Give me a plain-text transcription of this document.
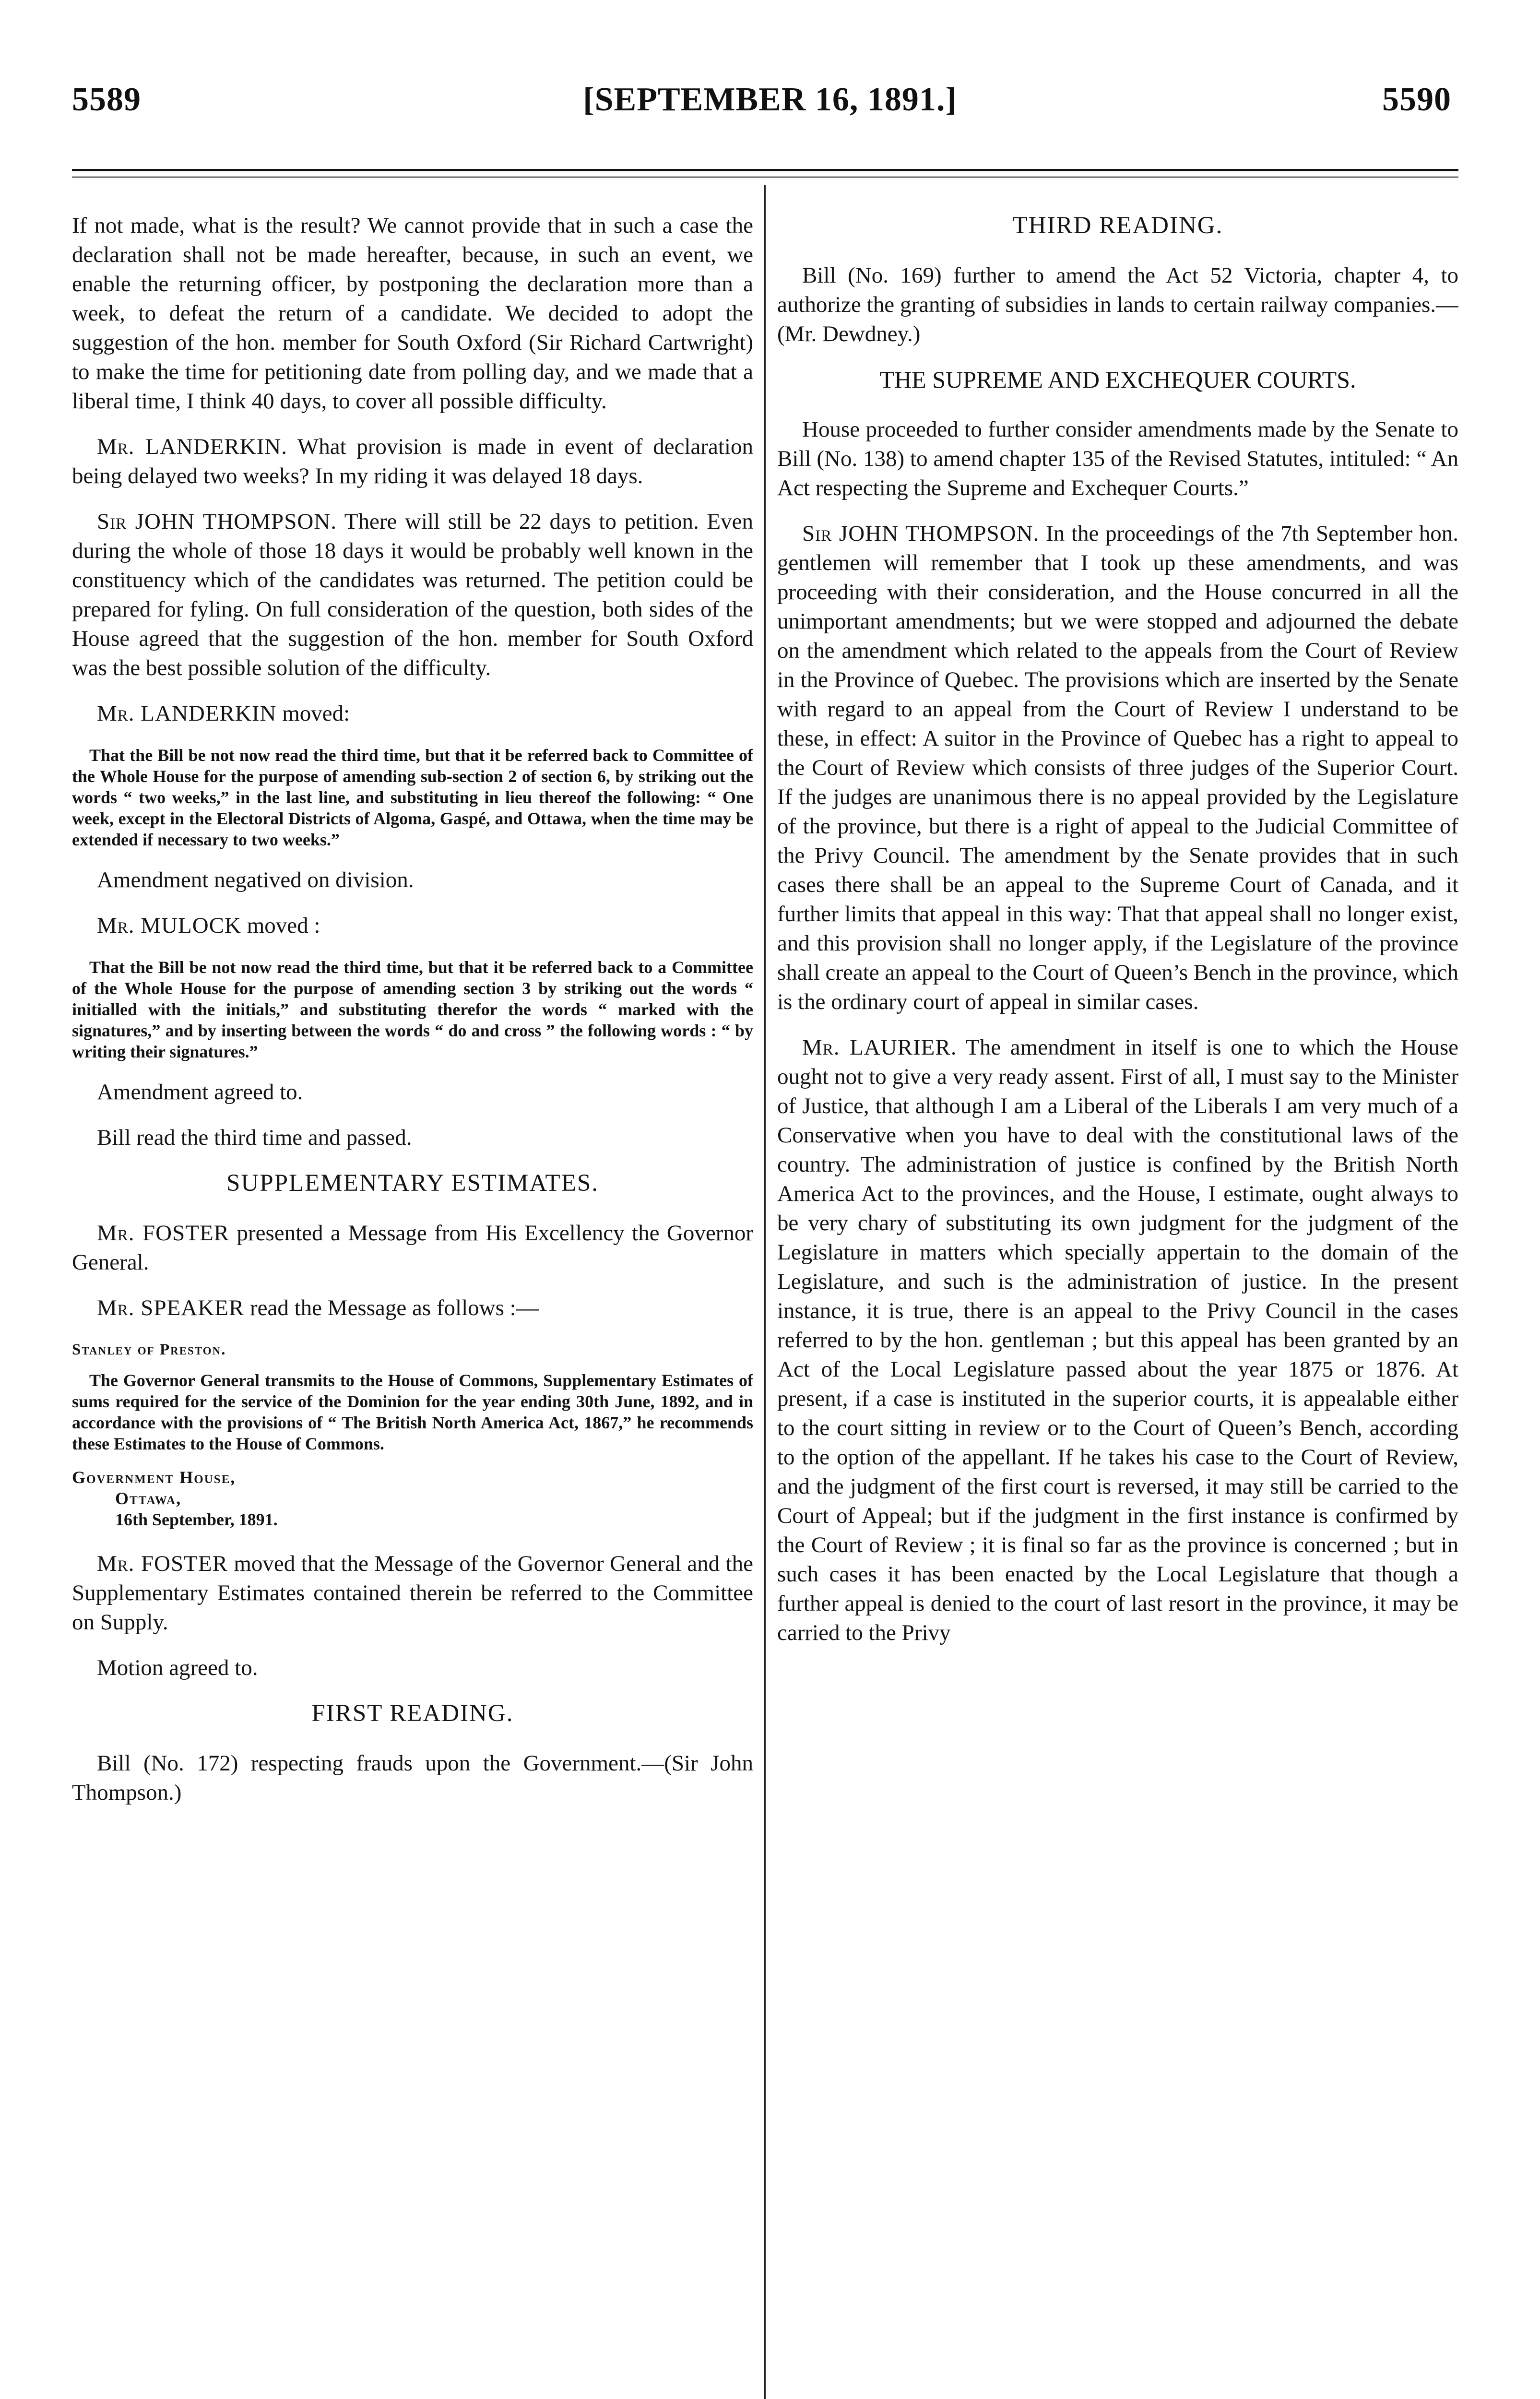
5589	[SEPTEMBER 16, 1891.]	5590

If not made, what is the result? We cannot provide that in such a case the declaration shall not be made hereafter, because, in such an event, we enable the returning officer, by postponing the declaration more than a week, to defeat the return of a candidate. We decided to adopt the suggestion of the hon. member for South Oxford (Sir Richard Cartwright) to make the time for petitioning date from polling day, and we made that a liberal time, I think 40 days, to cover all possible difficulty.

Mr. LANDERKIN. What provision is made in event of declaration being delayed two weeks? In my riding it was delayed 18 days.

Sir JOHN THOMPSON. There will still be 22 days to petition. Even during the whole of those 18 days it would be probably well known in the constituency which of the candidates was returned. The petition could be prepared for fyling. On full consideration of the question, both sides of the House agreed that the suggestion of the hon. member for South Oxford was the best possible solution of the difficulty.

Mr. LANDERKIN moved:

That the Bill be not now read the third time, but that it be referred back to Committee of the Whole House for the purpose of amending sub-section 2 of section 6, by striking out the words “ two weeks,” in the last line, and substituting in lieu thereof the following: “ One week, except in the Electoral Districts of Algoma, Gaspé, and Ottawa, when the time may be extended if necessary to two weeks.”

Amendment negatived on division.

Mr. MULOCK moved :

That the Bill be not now read the third time, but that it be referred back to a Committee of the Whole House for the purpose of amending section 3 by striking out the words “ initialled with the initials,” and substituting therefor the words “ marked with the signatures,” and by inserting between the words “ do and cross ” the following words : “ by writing their signatures.”

Amendment agreed to.

Bill read the third time and passed.

SUPPLEMENTARY ESTIMATES.

Mr. FOSTER presented a Message from His Excellency the Governor General.

Mr. SPEAKER read the Message as follows :—

Stanley of Preston.

The Governor General transmits to the House of Commons, Supplementary Estimates of sums required for the service of the Dominion for the year ending 30th June, 1892, and in accordance with the provisions of “ The British North America Act, 1867,” he recommends these Estimates to the House of Commons.

Government House,
Ottawa,
16th September, 1891.

Mr. FOSTER moved that the Message of the Governor General and the Supplementary Estimates contained therein be referred to the Committee on Supply.

Motion agreed to.

FIRST READING.

Bill (No. 172) respecting frauds upon the Government.—(Sir John Thompson.)

THIRD READING.

Bill (No. 169) further to amend the Act 52 Victoria, chapter 4, to authorize the granting of subsidies in lands to certain railway companies.—(Mr. Dewdney.)

THE SUPREME AND EXCHEQUER COURTS.

House proceeded to further consider amendments made by the Senate to Bill (No. 138) to amend chapter 135 of the Revised Statutes, intituled: “ An Act respecting the Supreme and Exchequer Courts.”

Sir JOHN THOMPSON. In the proceedings of the 7th September hon. gentlemen will remember that I took up these amendments, and was proceeding with their consideration, and the House concurred in all the unimportant amendments; but we were stopped and adjourned the debate on the amendment which related to the appeals from the Court of Review in the Province of Quebec. The provisions which are inserted by the Senate with regard to an appeal from the Court of Review I understand to be these, in effect: A suitor in the Province of Quebec has a right to appeal to the Court of Review which consists of three judges of the Superior Court. If the judges are unanimous there is no appeal provided by the Legislature of the province, but there is a right of appeal to the Judicial Committee of the Privy Council. The amendment by the Senate provides that in such cases there shall be an appeal to the Supreme Court of Canada, and it further limits that appeal in this way: That that appeal shall no longer exist, and this provision shall no longer apply, if the Legislature of the province shall create an appeal to the Court of Queen’s Bench in the province, which is the ordinary court of appeal in similar cases.

Mr. LAURIER. The amendment in itself is one to which the House ought not to give a very ready assent. First of all, I must say to the Minister of Justice, that although I am a Liberal of the Liberals I am very much of a Conservative when you have to deal with the constitutional laws of the country. The administration of justice is confined by the British North America Act to the provinces, and the House, I estimate, ought always to be very chary of substituting its own judgment for the judgment of the Legislature in matters which specially appertain to the domain of the Legislature, and such is the administration of justice. In the present instance, it is true, there is an appeal to the Privy Council in the cases referred to by the hon. gentleman ; but this appeal has been granted by an Act of the Local Legislature passed about the year 1875 or 1876. At present, if a case is instituted in the superior courts, it is appealable either to the court sitting in review or to the Court of Queen’s Bench, according to the option of the appellant. If he takes his case to the Court of Review, and the judgment of the first court is reversed, it may still be carried to the Court of Appeal; but if the judgment in the first instance is confirmed by the Court of Review ; it is final so far as the province is concerned ; but in such cases it has been enacted by the Local Legislature that though a further appeal is denied to the court of last resort in the province, it may be carried to the Privy
